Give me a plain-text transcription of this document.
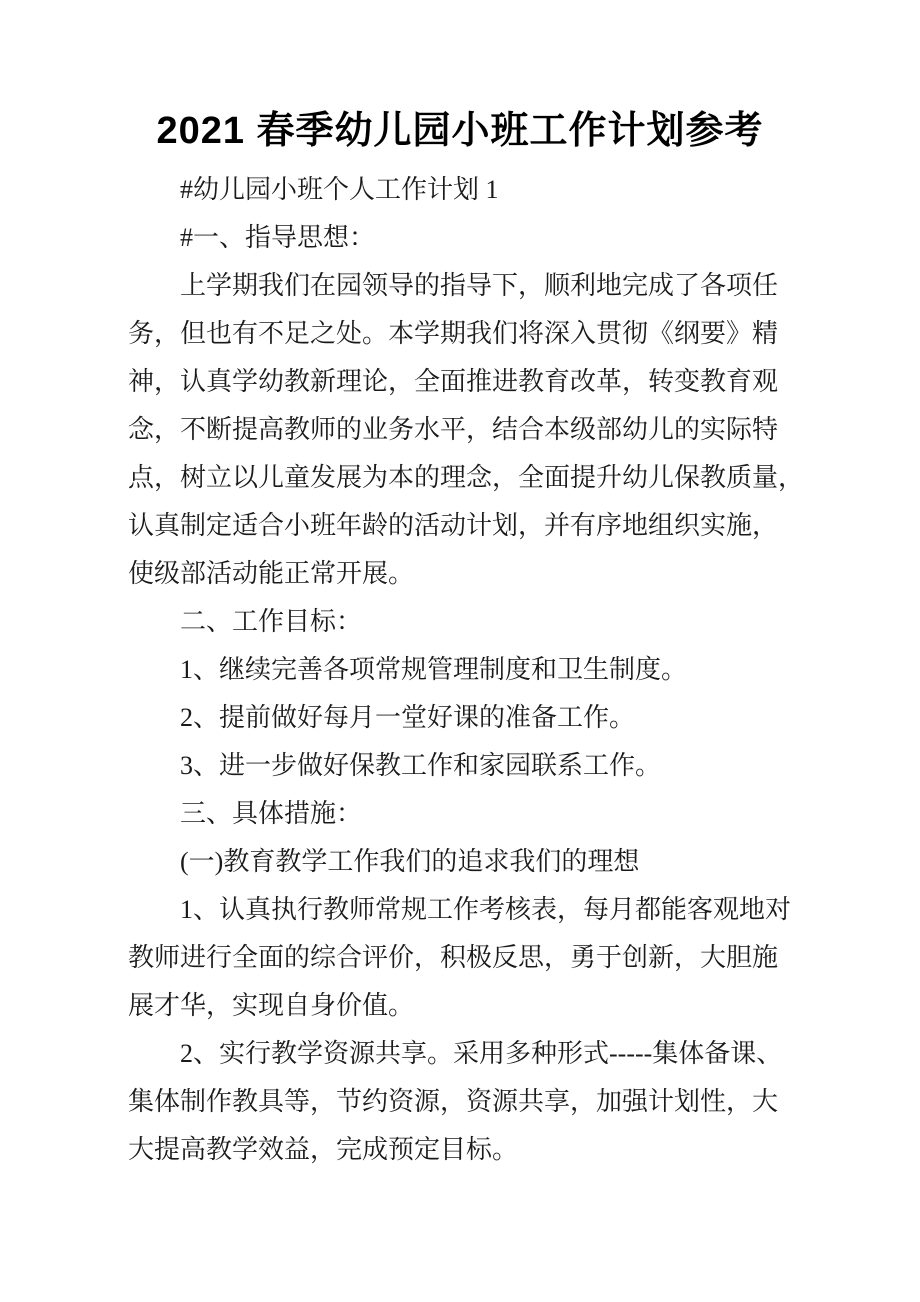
2021 春季幼儿园小班工作计划参考
#幼儿园小班个人工作计划 1
#一、指导思想：
上学期我们在园领导的指导下，顺利地完成了各项任
务，但也有不足之处。本学期我们将深入贯彻《纲要》精
神，认真学幼教新理论，全面推进教育改革，转变教育观
念，不断提高教师的业务水平，结合本级部幼儿的实际特
点，树立以儿童发展为本的理念，全面提升幼儿保教质量，
认真制定适合小班年龄的活动计划，并有序地组织实施，
使级部活动能正常开展。
二、工作目标：
1、继续完善各项常规管理制度和卫生制度。
2、提前做好每月一堂好课的准备工作。
3、进一步做好保教工作和家园联系工作。
三、具体措施：
(一)教育教学工作我们的追求我们的理想
1、认真执行教师常规工作考核表，每月都能客观地对
教师进行全面的综合评价，积极反思，勇于创新，大胆施
展才华，实现自身价值。
2、实行教学资源共享。采用多种形式-----集体备课、
集体制作教具等，节约资源，资源共享，加强计划性，大
大提高教学效益，完成预定目标。
